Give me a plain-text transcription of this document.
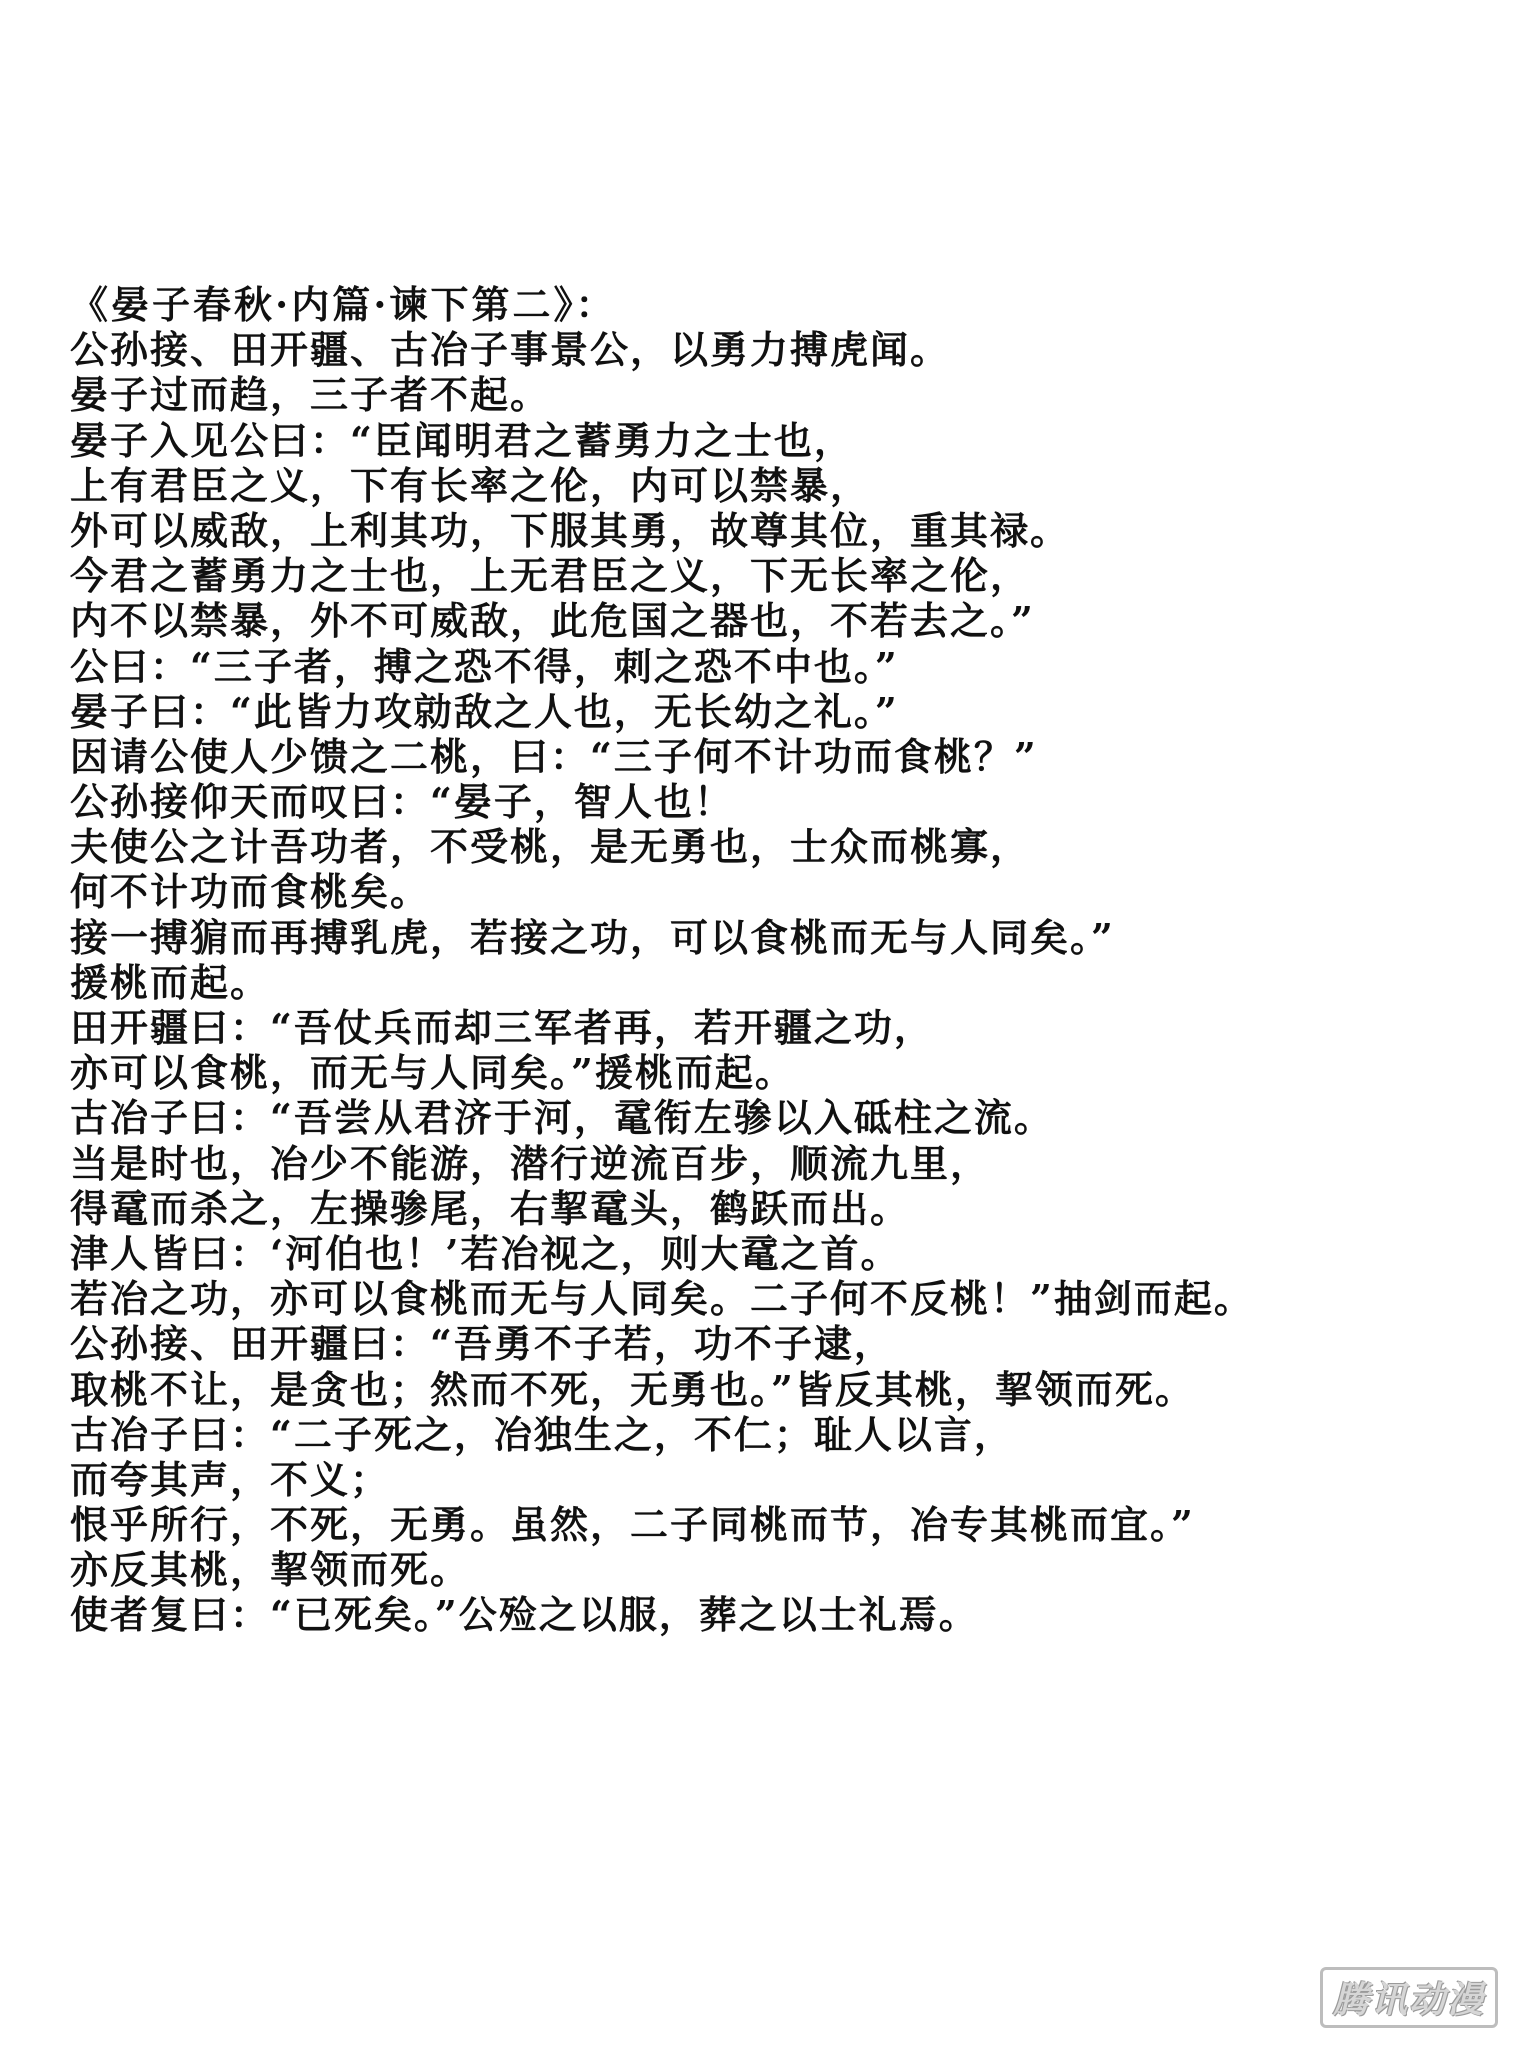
《晏子春秋·内篇·谏下第二》：
公孙接、田开疆、古冶子事景公，以勇力搏虎闻。
晏子过而趋，三子者不起。
晏子入见公曰：“臣闻明君之蓄勇力之士也，
上有君臣之义，下有长率之伦，内可以禁暴，
外可以威敌，上利其功，下服其勇，故尊其位，重其禄。
今君之蓄勇力之士也，上无君臣之义，下无长率之伦，
内不以禁暴，外不可威敌，此危国之器也，不若去之。”
公曰：“三子者，搏之恐不得，刺之恐不中也。”
晏子曰：“此皆力攻勍敌之人也，无长幼之礼。”
因请公使人少馈之二桃，曰：“三子何不计功而食桃？”
公孙接仰天而叹曰：“晏子，智人也！
夫使公之计吾功者，不受桃，是无勇也，士众而桃寡，
何不计功而食桃矣。
接一搏猏而再搏乳虎，若接之功，可以食桃而无与人同矣。”
援桃而起。
田开疆曰：“吾仗兵而却三军者再，若开疆之功，
亦可以食桃，而无与人同矣。”援桃而起。
古冶子曰：“吾尝从君济于河，鼋衔左骖以入砥柱之流。
当是时也，冶少不能游，潜行逆流百步，顺流九里，
得鼋而杀之，左操骖尾，右挈鼋头，鹤跃而出。
津人皆曰：‘河伯也！’若冶视之，则大鼋之首。
若冶之功，亦可以食桃而无与人同矣。二子何不反桃！”抽剑而起。
公孙接、田开疆曰：“吾勇不子若，功不子逮，
取桃不让，是贪也；然而不死，无勇也。”皆反其桃，挈领而死。
古冶子曰：“二子死之，冶独生之，不仁；耻人以言，
而夸其声，不义；
恨乎所行，不死，无勇。虽然，二子同桃而节，冶专其桃而宜。”
亦反其桃，挈领而死。
使者复曰：“已死矣。”公殓之以服，葬之以士礼焉。
腾讯动漫
